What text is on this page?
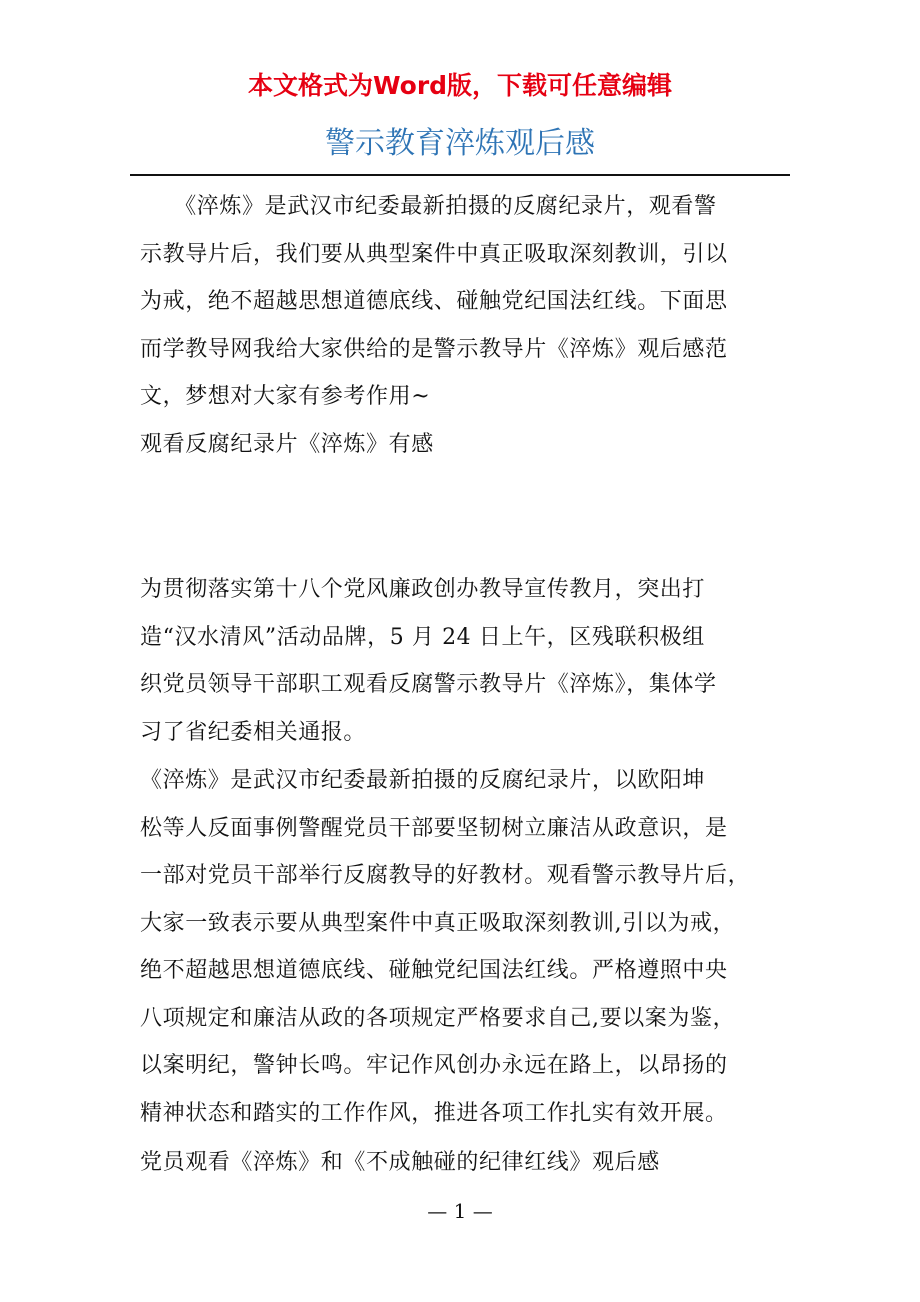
本文格式为Word版，下载可任意编辑
警示教育淬炼观后感

　　《淬炼》是武汉市纪委最新拍摄的反腐纪录片，观看警
示教导片后，我们要从典型案件中真正吸取深刻教训，引以
为戒，绝不超越思想道德底线、碰触党纪国法红线。下面思
而学教导网我给大家供给的是警示教导片《淬炼》观后感范
文，梦想对大家有参考作用~

观看反腐纪录片《淬炼》有感

为贯彻落实第十八个党风廉政创办教导宣传教月，突出打
造“汉水清风”活动品牌，5 月 24 日上午，区残联积极组
织党员领导干部职工观看反腐警示教导片《淬炼》，集体学
习了省纪委相关通报。

《淬炼》是武汉市纪委最新拍摄的反腐纪录片，以欧阳坤
松等人反面事例警醒党员干部要坚韧树立廉洁从政意识，是
一部对党员干部举行反腐教导的好教材。观看警示教导片后，
大家一致表示要从典型案件中真正吸取深刻教训,引以为戒，
绝不超越思想道德底线、碰触党纪国法红线。严格遵照中央
八项规定和廉洁从政的各项规定严格要求自己,要以案为鉴，
以案明纪，警钟长鸣。牢记作风创办永远在路上，以昂扬的
精神状态和踏实的工作作风，推进各项工作扎实有效开展。

党员观看《淬炼》和《不成触碰的纪律红线》观后感

— 1 —
